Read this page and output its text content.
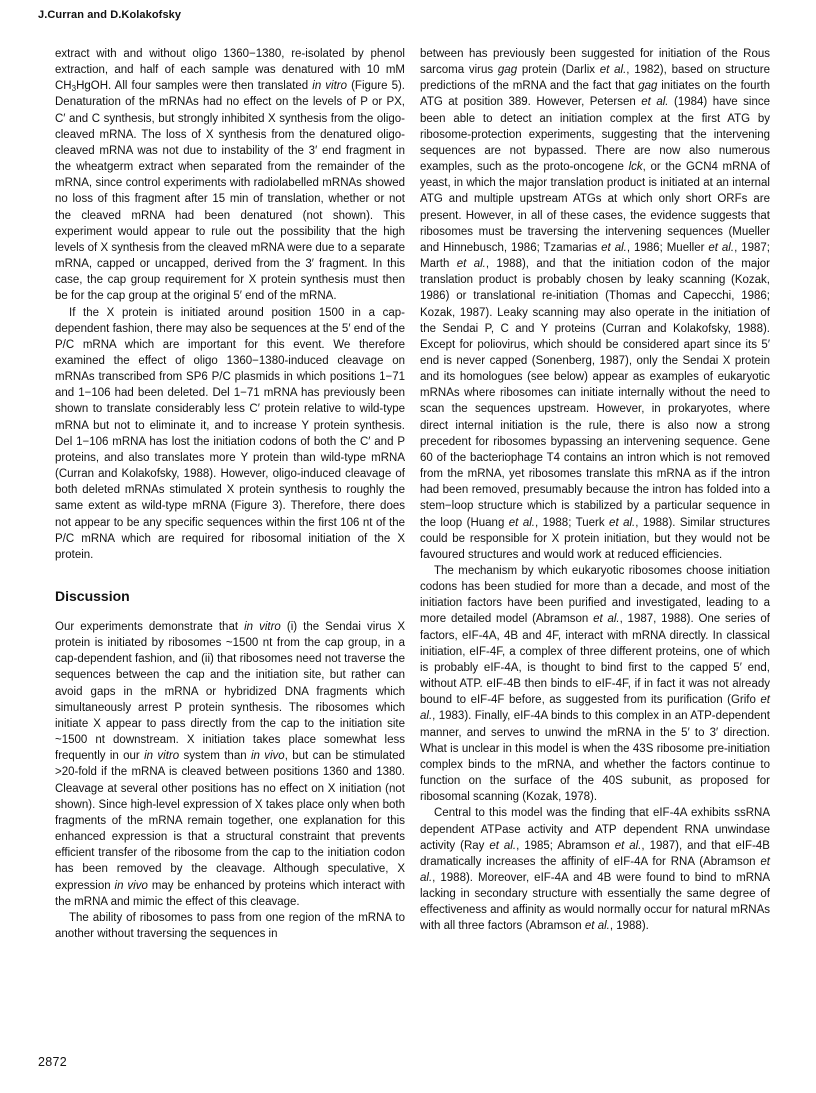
J.Curran and D.Kolakofsky

extract with and without oligo 1360−1380, re-isolated by phenol extraction, and half of each sample was denatured with 10 mM $CH_3HgOH$. All four samples were then translated in vitro (Figure 5). Denaturation of the mRNAs had no effect on the levels of P or PX, C′ and C synthesis, but strongly inhibited X synthesis from the oligo-cleaved mRNA. The loss of X synthesis from the denatured oligo-cleaved mRNA was not due to instability of the 3′ end fragment in the wheatgerm extract when separated from the remainder of the mRNA, since control experiments with radiolabelled mRNAs showed no loss of this fragment after 15 min of translation, whether or not the cleaved mRNA had been denatured (not shown). This experiment would appear to rule out the possibility that the high levels of X synthesis from the cleaved mRNA were due to a separate mRNA, capped or uncapped, derived from the 3′ fragment. In this case, the cap group requirement for X protein synthesis must then be for the cap group at the original 5′ end of the mRNA.

If the X protein is initiated around position 1500 in a cap-dependent fashion, there may also be sequences at the 5′ end of the P/C mRNA which are important for this event. We therefore examined the effect of oligo 1360−1380-induced cleavage on mRNAs transcribed from SP6 P/C plasmids in which positions 1−71 and 1−106 had been deleted. Del 1−71 mRNA has previously been shown to translate considerably less C′ protein relative to wild-type mRNA but not to eliminate it, and to increase Y protein synthesis. Del 1−106 mRNA has lost the initiation codons of both the C′ and P proteins, and also translates more Y protein than wild-type mRNA (Curran and Kolakofsky, 1988). However, oligo-induced cleavage of both deleted mRNAs stimulated X protein synthesis to roughly the same extent as wild-type mRNA (Figure 3). Therefore, there does not appear to be any specific sequences within the first 106 nt of the P/C mRNA which are required for ribosomal initiation of the X protein.

Discussion

Our experiments demonstrate that in vitro (i) the Sendai virus X protein is initiated by ribosomes ~1500 nt from the cap group, in a cap-dependent fashion, and (ii) that ribosomes need not traverse the sequences between the cap and the initiation site, but rather can avoid gaps in the mRNA or hybridized DNA fragments which simultaneously arrest P protein synthesis. The ribosomes which initiate X appear to pass directly from the cap to the initiation site ~1500 nt downstream. X initiation takes place somewhat less frequently in our in vitro system than in vivo, but can be stimulated >20-fold if the mRNA is cleaved between positions 1360 and 1380. Cleavage at several other positions has no effect on X initiation (not shown). Since high-level expression of X takes place only when both fragments of the mRNA remain together, one explanation for this enhanced expression is that a structural constraint that prevents efficient transfer of the ribosome from the cap to the initiation codon has been removed by the cleavage. Although speculative, X expression in vivo may be enhanced by proteins which interact with the mRNA and mimic the effect of this cleavage.

The ability of ribosomes to pass from one region of the mRNA to another without traversing the sequences in

between has previously been suggested for initiation of the Rous sarcoma virus gag protein (Darlix et al., 1982), based on structure predictions of the mRNA and the fact that gag initiates on the fourth ATG at position 389. However, Petersen et al. (1984) have since been able to detect an initiation complex at the first ATG by ribosome-protection experiments, suggesting that the intervening sequences are not bypassed. There are now also numerous examples, such as the proto-oncogene lck, or the GCN4 mRNA of yeast, in which the major translation product is initiated at an internal ATG and multiple upstream ATGs at which only short ORFs are present. However, in all of these cases, the evidence suggests that ribosomes must be traversing the intervening sequences (Mueller and Hinnebusch, 1986; Tzamarias et al., 1986; Mueller et al., 1987; Marth et al., 1988), and that the initiation codon of the major translation product is probably chosen by leaky scanning (Kozak, 1986) or translational re-initiation (Thomas and Capecchi, 1986; Kozak, 1987). Leaky scanning may also operate in the initiation of the Sendai P, C and Y proteins (Curran and Kolakofsky, 1988). Except for poliovirus, which should be considered apart since its 5′ end is never capped (Sonenberg, 1987), only the Sendai X protein and its homologues (see below) appear as examples of eukaryotic mRNAs where ribosomes can initiate internally without the need to scan the sequences upstream. However, in prokaryotes, where direct internal initiation is the rule, there is also now a strong precedent for ribosomes bypassing an intervening sequence. Gene 60 of the bacteriophage T4 contains an intron which is not removed from the mRNA, yet ribosomes translate this mRNA as if the intron had been removed, presumably because the intron has folded into a stem−loop structure which is stabilized by a particular sequence in the loop (Huang et al., 1988; Tuerk et al., 1988). Similar structures could be responsible for X protein initiation, but they would not be favoured structures and would work at reduced efficiencies.

The mechanism by which eukaryotic ribosomes choose initiation codons has been studied for more than a decade, and most of the initiation factors have been purified and investigated, leading to a more detailed model (Abramson et al., 1987, 1988). One series of factors, eIF-4A, 4B and 4F, interact with mRNA directly. In classical initiation, eIF-4F, a complex of three different proteins, one of which is probably eIF-4A, is thought to bind first to the capped 5′ end, without ATP. eIF-4B then binds to eIF-4F, if in fact it was not already bound to eIF-4F before, as suggested from its purification (Grifo et al., 1983). Finally, eIF-4A binds to this complex in an ATP-dependent manner, and serves to unwind the mRNA in the 5′ to 3′ direction. What is unclear in this model is when the 43S ribosome pre-initiation complex binds to the mRNA, and whether the factors continue to function on the surface of the 40S subunit, as proposed for ribosomal scanning (Kozak, 1978).

Central to this model was the finding that eIF-4A exhibits ssRNA dependent ATPase activity and ATP dependent RNA unwindase activity (Ray et al., 1985; Abramson et al., 1987), and that eIF-4B dramatically increases the affinity of eIF-4A for RNA (Abramson et al., 1988). Moreover, eIF-4A and 4B were found to bind to mRNA lacking in secondary structure with essentially the same degree of effectiveness and affinity as would normally occur for natural mRNAs with all three factors (Abramson et al., 1988).

2872
